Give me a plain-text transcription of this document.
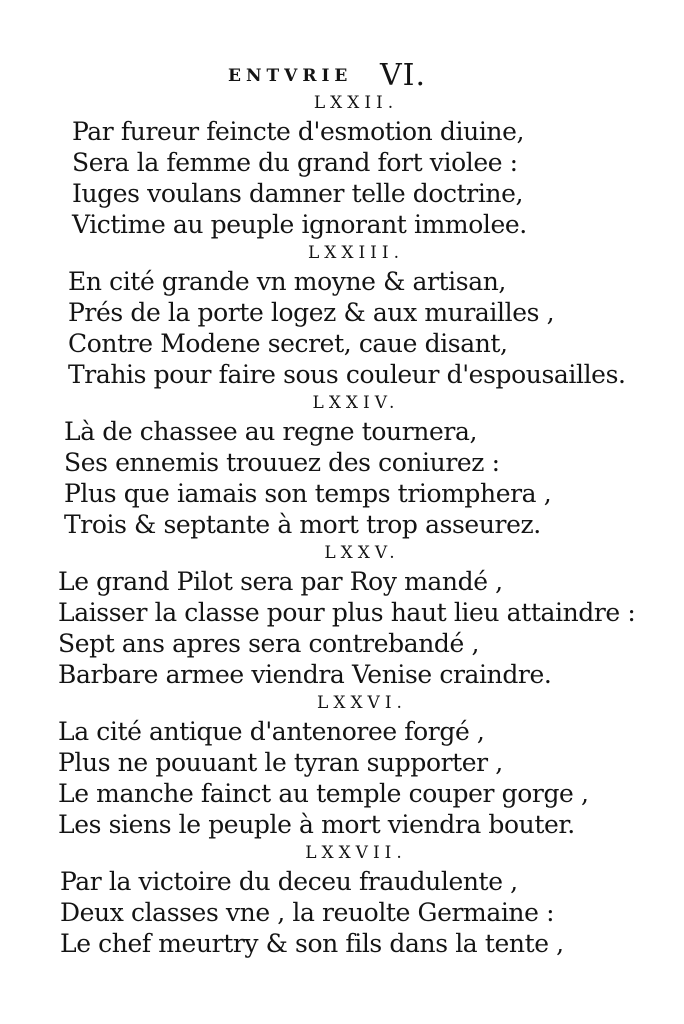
ENTVRIE VI.
LXXII.
Par fureur feincte d'esmotion diuine,
Sera la femme du grand fort violee :
Iuges voulans damner telle doctrine,
Victime au peuple ignorant immolee.
LXXIII.
En cité grande vn moyne & artisan,
Prés de la porte logez & aux murailles ,
Contre Modene secret, caue disant,
Trahis pour faire sous couleur d'espousailles.
LXXIV.
Là de chassee au regne tournera,
Ses ennemis trouuez des coniurez :
Plus que iamais son temps triomphera ,
Trois & septante à mort trop asseurez.
LXXV.
Le grand Pilot sera par Roy mandé ,
Laisser la classe pour plus haut lieu attaindre :
Sept ans apres sera contrebandé ,
Barbare armee viendra Venise craindre.
LXXVI.
La cité antique d'antenoree forgé ,
Plus ne pouuant le tyran supporter ,
Le manche fainct au temple couper gorge ,
Les siens le peuple à mort viendra bouter.
LXXVII.
Par la victoire du deceu fraudulente ,
Deux classes vne , la reuolte Germaine :
Le chef meurtry & son fils dans la tente ,
